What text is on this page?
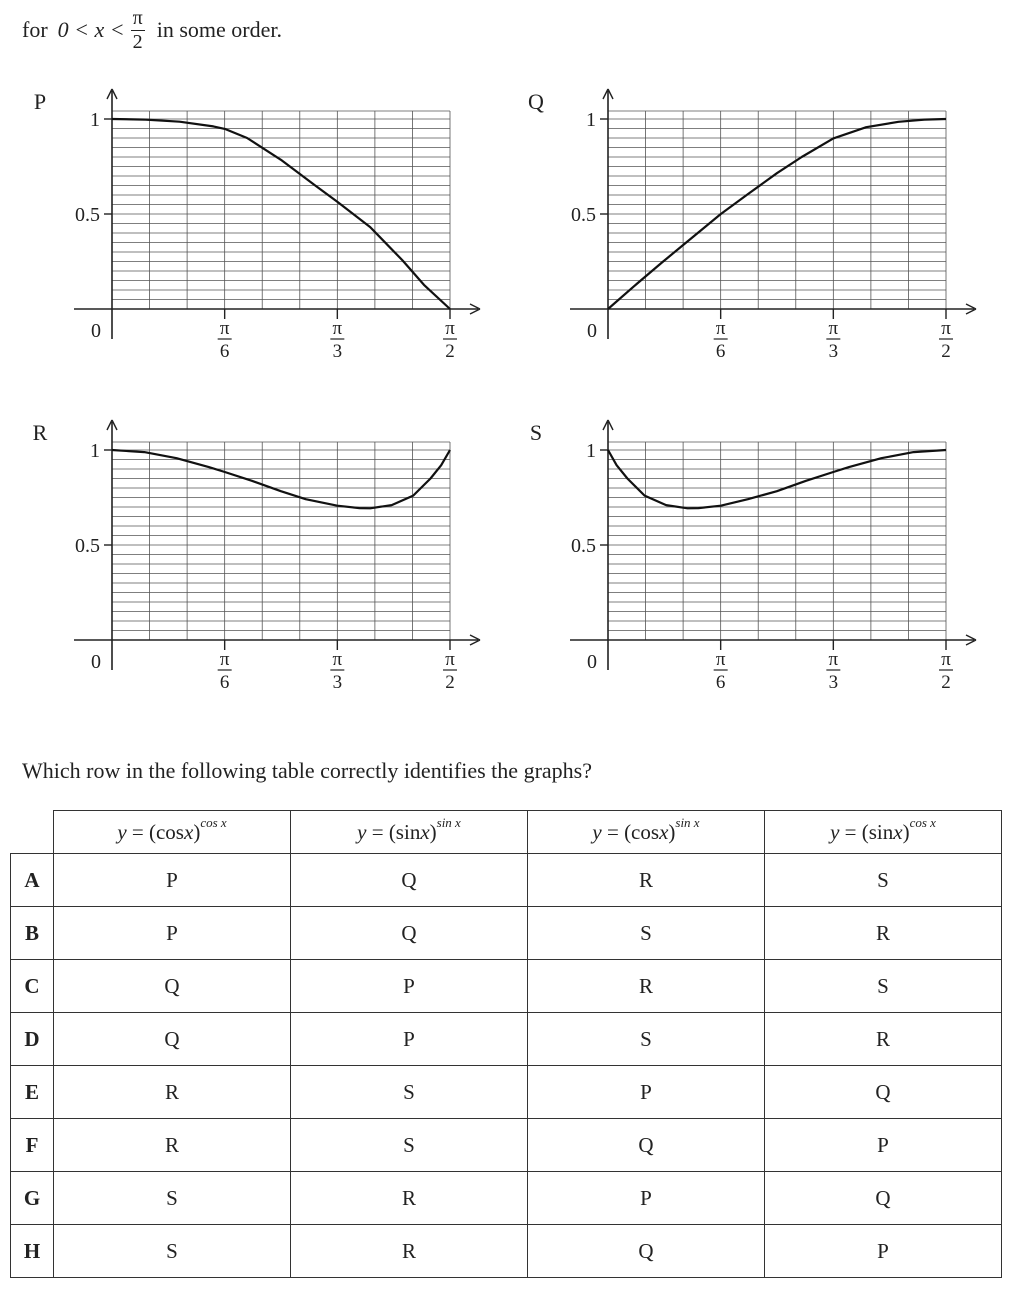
for $0 < x < \frac{\pi}{2}$ in some order.
1
0.5
0
P
π
6
π
3
π
2
1
0.5
0
Q
π
6
π
3
π
2
1
0.5
0
R
π
6
π
3
π
2
1
0.5
0
S
π
6
π
3
π
2
Which row in the following table correctly identifies the graphs?
	$y = (\cos x)^{cos x}$	$y = (\sin x)^{sin x}$	$y = (\cos x)^{sin x}$	$y = (\sin x)^{cos x}$
A	P	Q	R	S
B	P	Q	S	R
C	Q	P	R	S
D	Q	P	S	R
E	R	S	P	Q
F	R	S	Q	P
G	S	R	P	Q
H	S	R	Q	P
